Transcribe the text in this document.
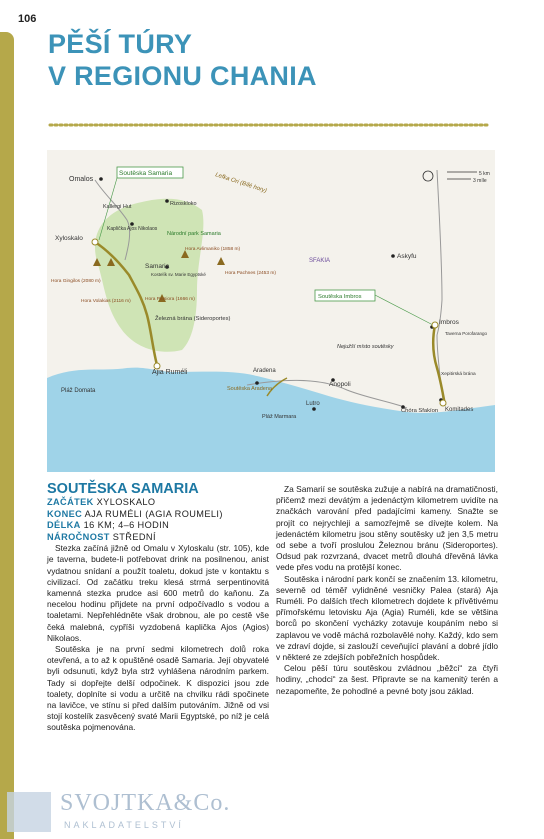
106
PĚŠÍ TÚRY
V REGIONU CHANIA
Omalos
Soutěska Samaria	Lefka Ori (Bílé hory)
Rizoskloko
Kallergi Hut
Xyloskalo
Kaplička Ajos Nikolaos
Národní park Samaria
Hora Avlimaniko (1858 m)
Hora Gingilos (2080 m)
Hora Volakias (2116 m)
Samaria
Kostelík sv. Marie Egyptské	Hora Pachnes (2453 m)
Hora Patsiora (1666 m)
Železná brána (Sideroportes)
SFAKIA
Askyfu
Soutěska Imbros
Imbros
Taverna Porofarango
Nejužší místo soutěsky
Xepitirská brána
Aradena
Anopoli
Soutěska Aradena
Ajia Ruméli
Pláž Domata
Pláž Marmara
Lutro
Chóra Sfakíon Komitades
5 km
3 míle
SOUTĚSKA SAMARIA
ZAČÁTEK XYLOSKALO
KONEC AJA RUMÉLI (AGIA ROUMELI)
DÉLKA 16 KM; 4–6 HODIN
NÁROČNOST STŘEDNÍ

Stezka začíná jižně od Omalu v Xyloskalu (str. 105), kde je taverna, budete-li potřebovat drink na posilnenou, anist vydatnou snídaní a použít toaletu, dokud jste v kontaktu s civilizací. Od začátku treku klesá strmá serpentinovitá kamenná stezka prudce asi 600 metrů do kaňonu. Za necelou hodinu přijdete na první odpočívadlo s vodou a toaletami. Nepřehlédněte však drobnou, ale po cestě vše čeká malebná, cypříši vyzdobená kaplička Ajos (Agios) Nikolaos.

Soutěska je na první sedmi kilometrech dolů roka otevřená, a to až k opuštěné osadě Samaria. Její obyvatelé byli odsunuti, když byla strž vyhlášena národním parkem. Tady si dopřejte delší odpočinek. K dispozici jsou zde toalety, doplníte si vodu a určitě na chvilku rádi spočinete na lavičce, ve stínu si před dalším putováním. Jižně od vsi stojí kostelík zasvěcený svaté Marii Egyptské, po níž je celá soutěska pojmenována.

Za Samarií se soutěska zužuje a nabírá na dramatičnosti, přičemž mezi devátým a jedenáctým kilometrem uvidíte na značkách varování před padajícími kameny. Snažte se projít co nejrychleji a samozřejmě se dívejte kolem. Na jedenáctém kilometru jsou stěny soutěsky už jen 3,5 metru od sebe a tvoří proslulou Železnou bránu (Sideroportes). Odsud pak rozvrzaná, dvacet metrů dlouhá dřevěná lávka vede přes vodu na protější konec.

Soutěska i národní park končí se značením 13. kilometru, severně od téměř vylidněné vesničky Palea (stará) Aja Ruméli. Po dalších třech kilometrech dojdete k přívětivému přímořskému letovisku Aja (Agia) Ruméli, kde se většina borců po skončení vycházky zotavuje koupáním nebo si zaplavou ve vodě máchá rozbolavělé nohy. Každý, kdo sem ve zdraví dojde, si zaslouží ceveňující plavání a dobré jídlo v některé ze zdejších pobřežních hospůdek.

Celou pěší túru soutěskou zvládnou „běžci“ za čtyři hodiny, „chodci“ za šest. Připravte se na kamenitý terén a nezapomeňte, že pohodlné a pevné boty jsou základ.

SVOJTKA&Co.
NAKLADATELSTVÍ
